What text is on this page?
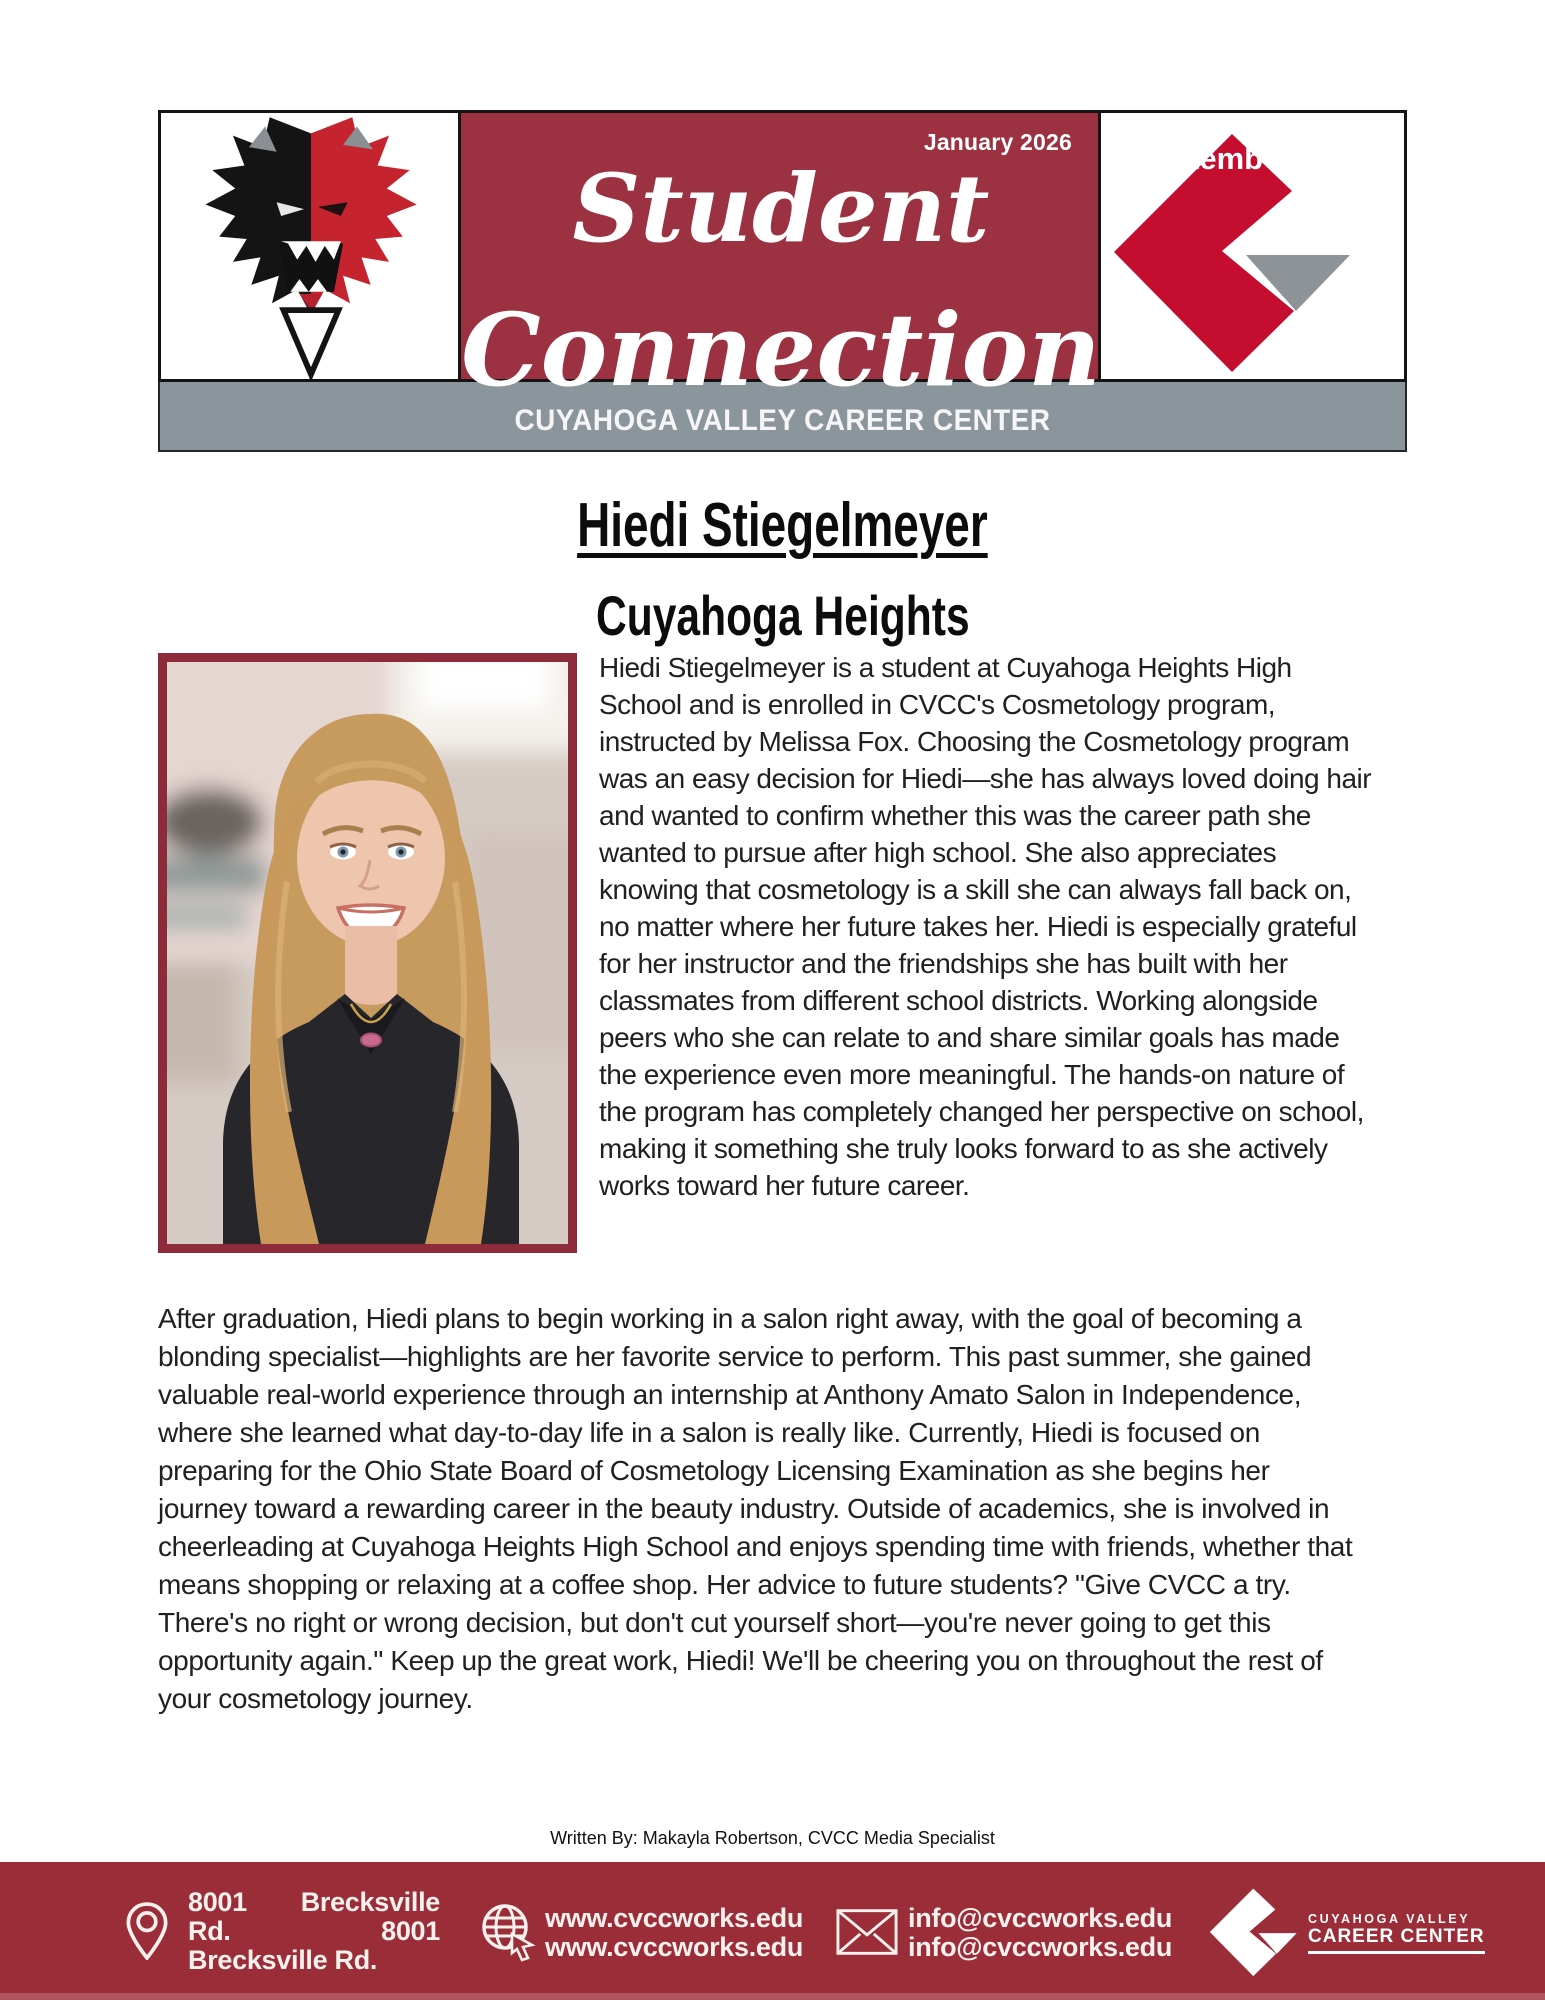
January 2026	temb
Student
Connection
CUYAHOGA VALLEY CAREER CENTER
Hiedi Stiegelmeyer
Cuyahoga Heights
Hiedi Stiegelmeyer is a student at Cuyahoga Heights High School and is enrolled in CVCC's Cosmetology program, instructed by Melissa Fox. Choosing the Cosmetology program was an easy decision for Hiedi—she has always loved doing hair and wanted to confirm whether this was the career path she wanted to pursue after high school. She also appreciates knowing that cosmetology is a skill she can always fall back on, no matter where her future takes her. Hiedi is especially grateful for her instructor and the friendships she has built with her classmates from different school districts. Working alongside peers who she can relate to and share similar goals has made the experience even more meaningful. The hands-on nature of the program has completely changed her perspective on school, making it something she truly looks forward to as she actively works toward her future career.
After graduation, Hiedi plans to begin working in a salon right away, with the goal of becoming a blonding specialist—highlights are her favorite service to perform. This past summer, she gained valuable real-world experience through an internship at Anthony Amato Salon in Independence, where she learned what day-to-day life in a salon is really like. Currently, Hiedi is focused on preparing for the Ohio State Board of Cosmetology Licensing Examination as she begins her journey toward a rewarding career in the beauty industry. Outside of academics, she is involved in cheerleading at Cuyahoga Heights High School and enjoys spending time with friends, whether that means shopping or relaxing at a coffee shop. Her advice to future students? "Give CVCC a try. There's no right or wrong decision, but don't cut yourself short—you're never going to get this opportunity again." Keep up the great work, Hiedi! We'll be cheering you on throughout the rest of your cosmetology journey.
Written By: Makayla Robertson, CVCC Media Specialist
8001 Brecksville
Rd.	8001
Brecksville Rd.
www.cvccworks.edu
www.cvccworks.edu
info@cvccworks.edu
info@cvccworks.edu
CUYAHOGA VALLEY
CAREER CENTER
